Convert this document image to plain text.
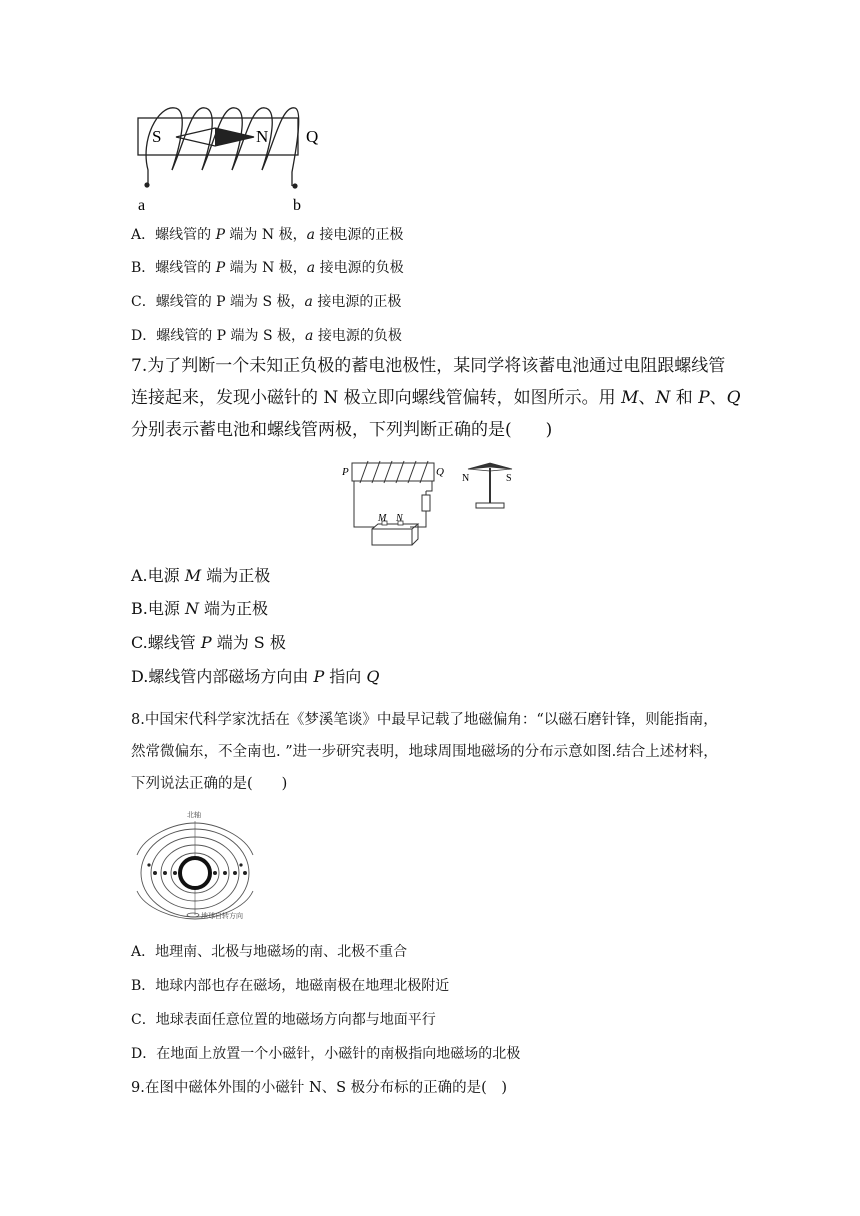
S	N Q
a	b
A．螺线管的 P 端为 N 极，a 接电源的正极
B．螺线管的 P 端为 N 极，a 接电源的负极
C．螺线管的 P 端为 S 极，a 接电源的正极
D．螺线管的 P 端为 S 极，a 接电源的负极
7.为了判断一个未知正负极的蓄电池极性，某同学将该蓄电池通过电阻跟螺线管
连接起来，发现小磁针的 N 极立即向螺线管偏转，如图所示。用 M、N 和 P、Q
分别表示蓄电池和螺线管两极，下列判断正确的是(　　)
P	Q
M N
N	S
A.电源 M 端为正极
B.电源 N 端为正极
C.螺线管 P 端为 S 极
D.螺线管内部磁场方向由 P 指向 Q
8.中国宋代科学家沈括在《梦溪笔谈》中最早记载了地磁偏角：“以磁石磨针锋，则能指南，
然常微偏东，不全南也. ”进一步研究表明，地球周围地磁场的分布示意如图.结合上述材料，
下列说法正确的是(　　)
北轴
地球自转方向
A．地理南、北极与地磁场的南、北极不重合
B．地球内部也存在磁场，地磁南极在地理北极附近
C．地球表面任意位置的地磁场方向都与地面平行
D．在地面上放置一个小磁针，小磁针的南极指向地磁场的北极
9.在图中磁体外围的小磁针 N、S 极分布标的正确的是(　)
